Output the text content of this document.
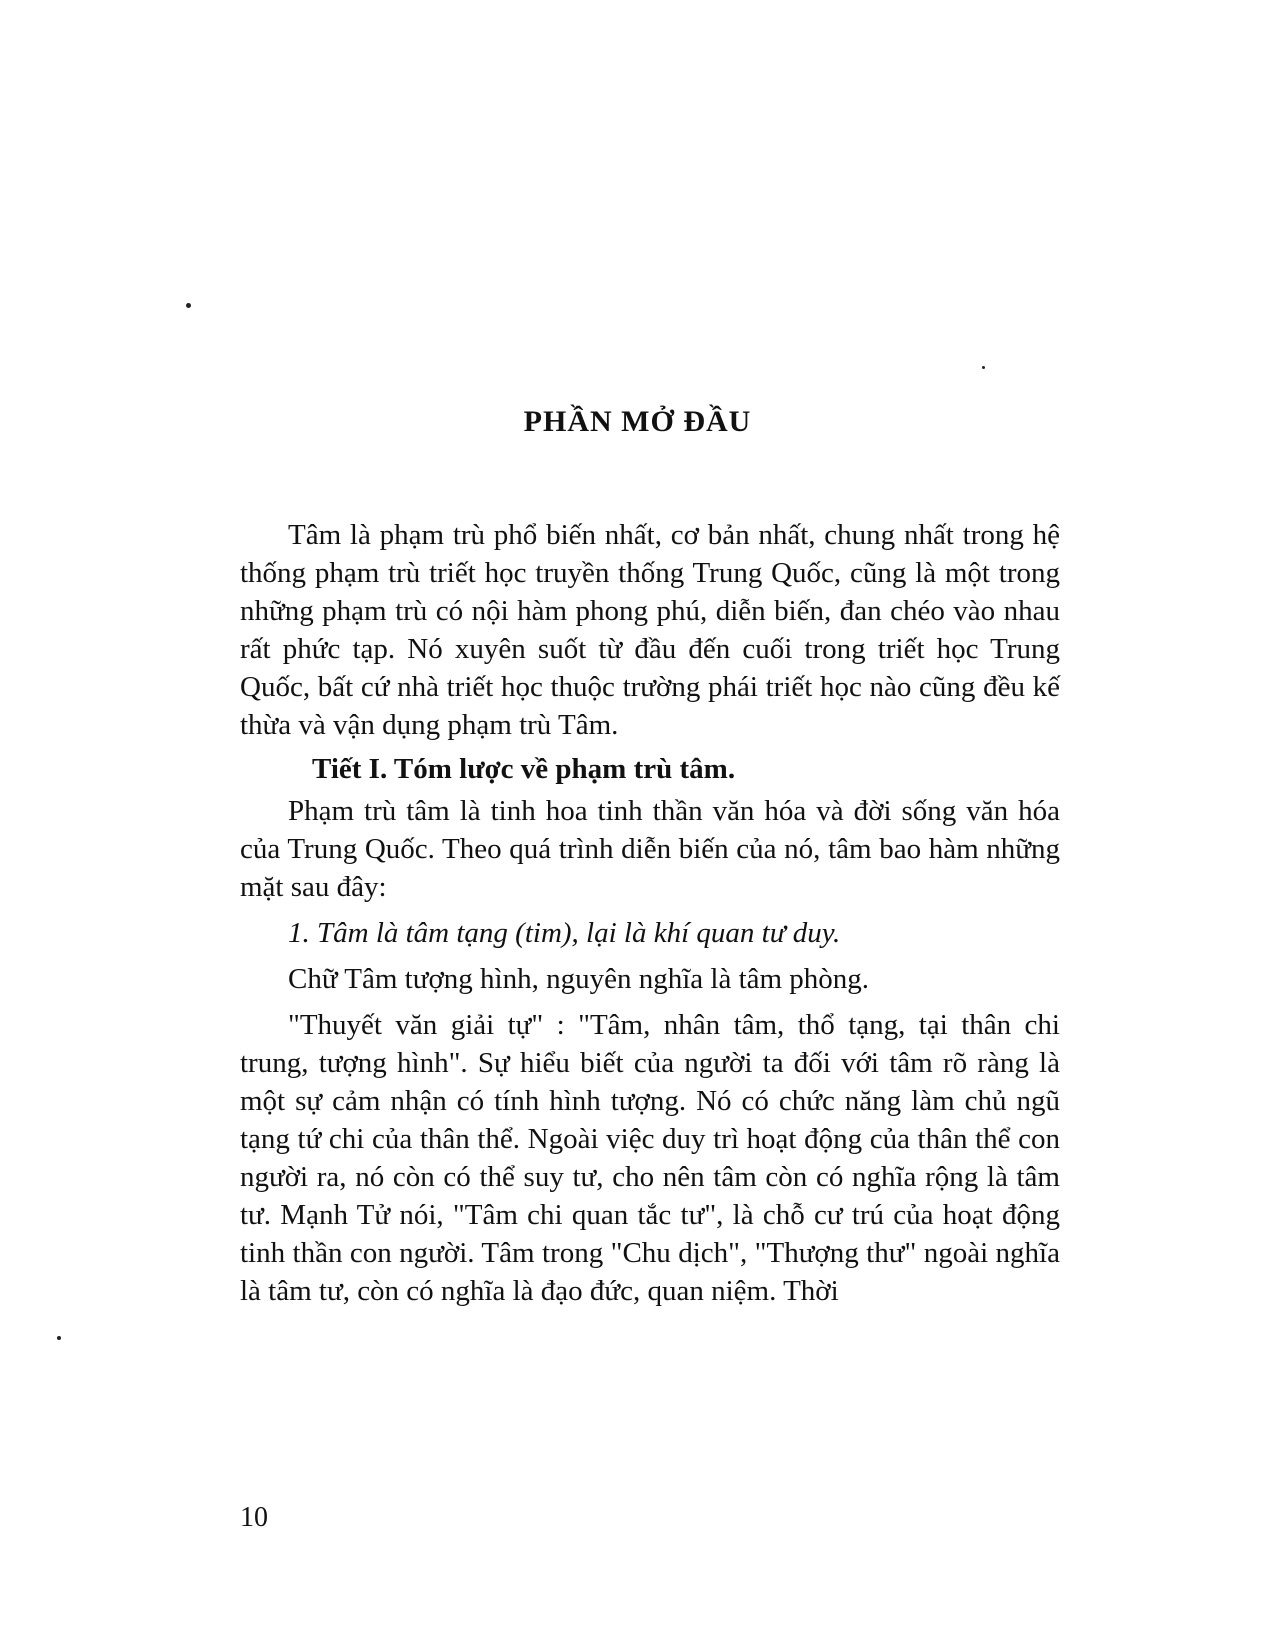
PHẦN MỞ ĐẦU

Tâm là phạm trù phổ biến nhất, cơ bản nhất, chung nhất trong hệ thống phạm trù triết học truyền thống Trung Quốc, cũng là một trong những phạm trù có nội hàm phong phú, diễn biến, đan chéo vào nhau rất phức tạp. Nó xuyên suốt từ đầu đến cuối trong triết học Trung Quốc, bất cứ nhà triết học thuộc trường phái triết học nào cũng đều kế thừa và vận dụng phạm trù Tâm.

Tiết I. Tóm lược về phạm trù tâm.

Phạm trù tâm là tinh hoa tinh thần văn hóa và đời sống văn hóa của Trung Quốc. Theo quá trình diễn biến của nó, tâm bao hàm những mặt sau đây:

1. Tâm là tâm tạng (tim), lại là khí quan tư duy.

Chữ Tâm tượng hình, nguyên nghĩa là tâm phòng.

"Thuyết văn giải tự" : "Tâm, nhân tâm, thổ tạng, tại thân chi trung, tượng hình". Sự hiểu biết của người ta đối với tâm rõ ràng là một sự cảm nhận có tính hình tượng. Nó có chức năng làm chủ ngũ tạng tứ chi của thân thể. Ngoài việc duy trì hoạt động của thân thể con người ra, nó còn có thể suy tư, cho nên tâm còn có nghĩa rộng là tâm tư. Mạnh Tử nói, "Tâm chi quan tắc tư", là chỗ cư trú của hoạt động tinh thần con người. Tâm trong "Chu dịch", "Thượng thư" ngoài nghĩa là tâm tư, còn có nghĩa là đạo đức, quan niệm. Thời

10
